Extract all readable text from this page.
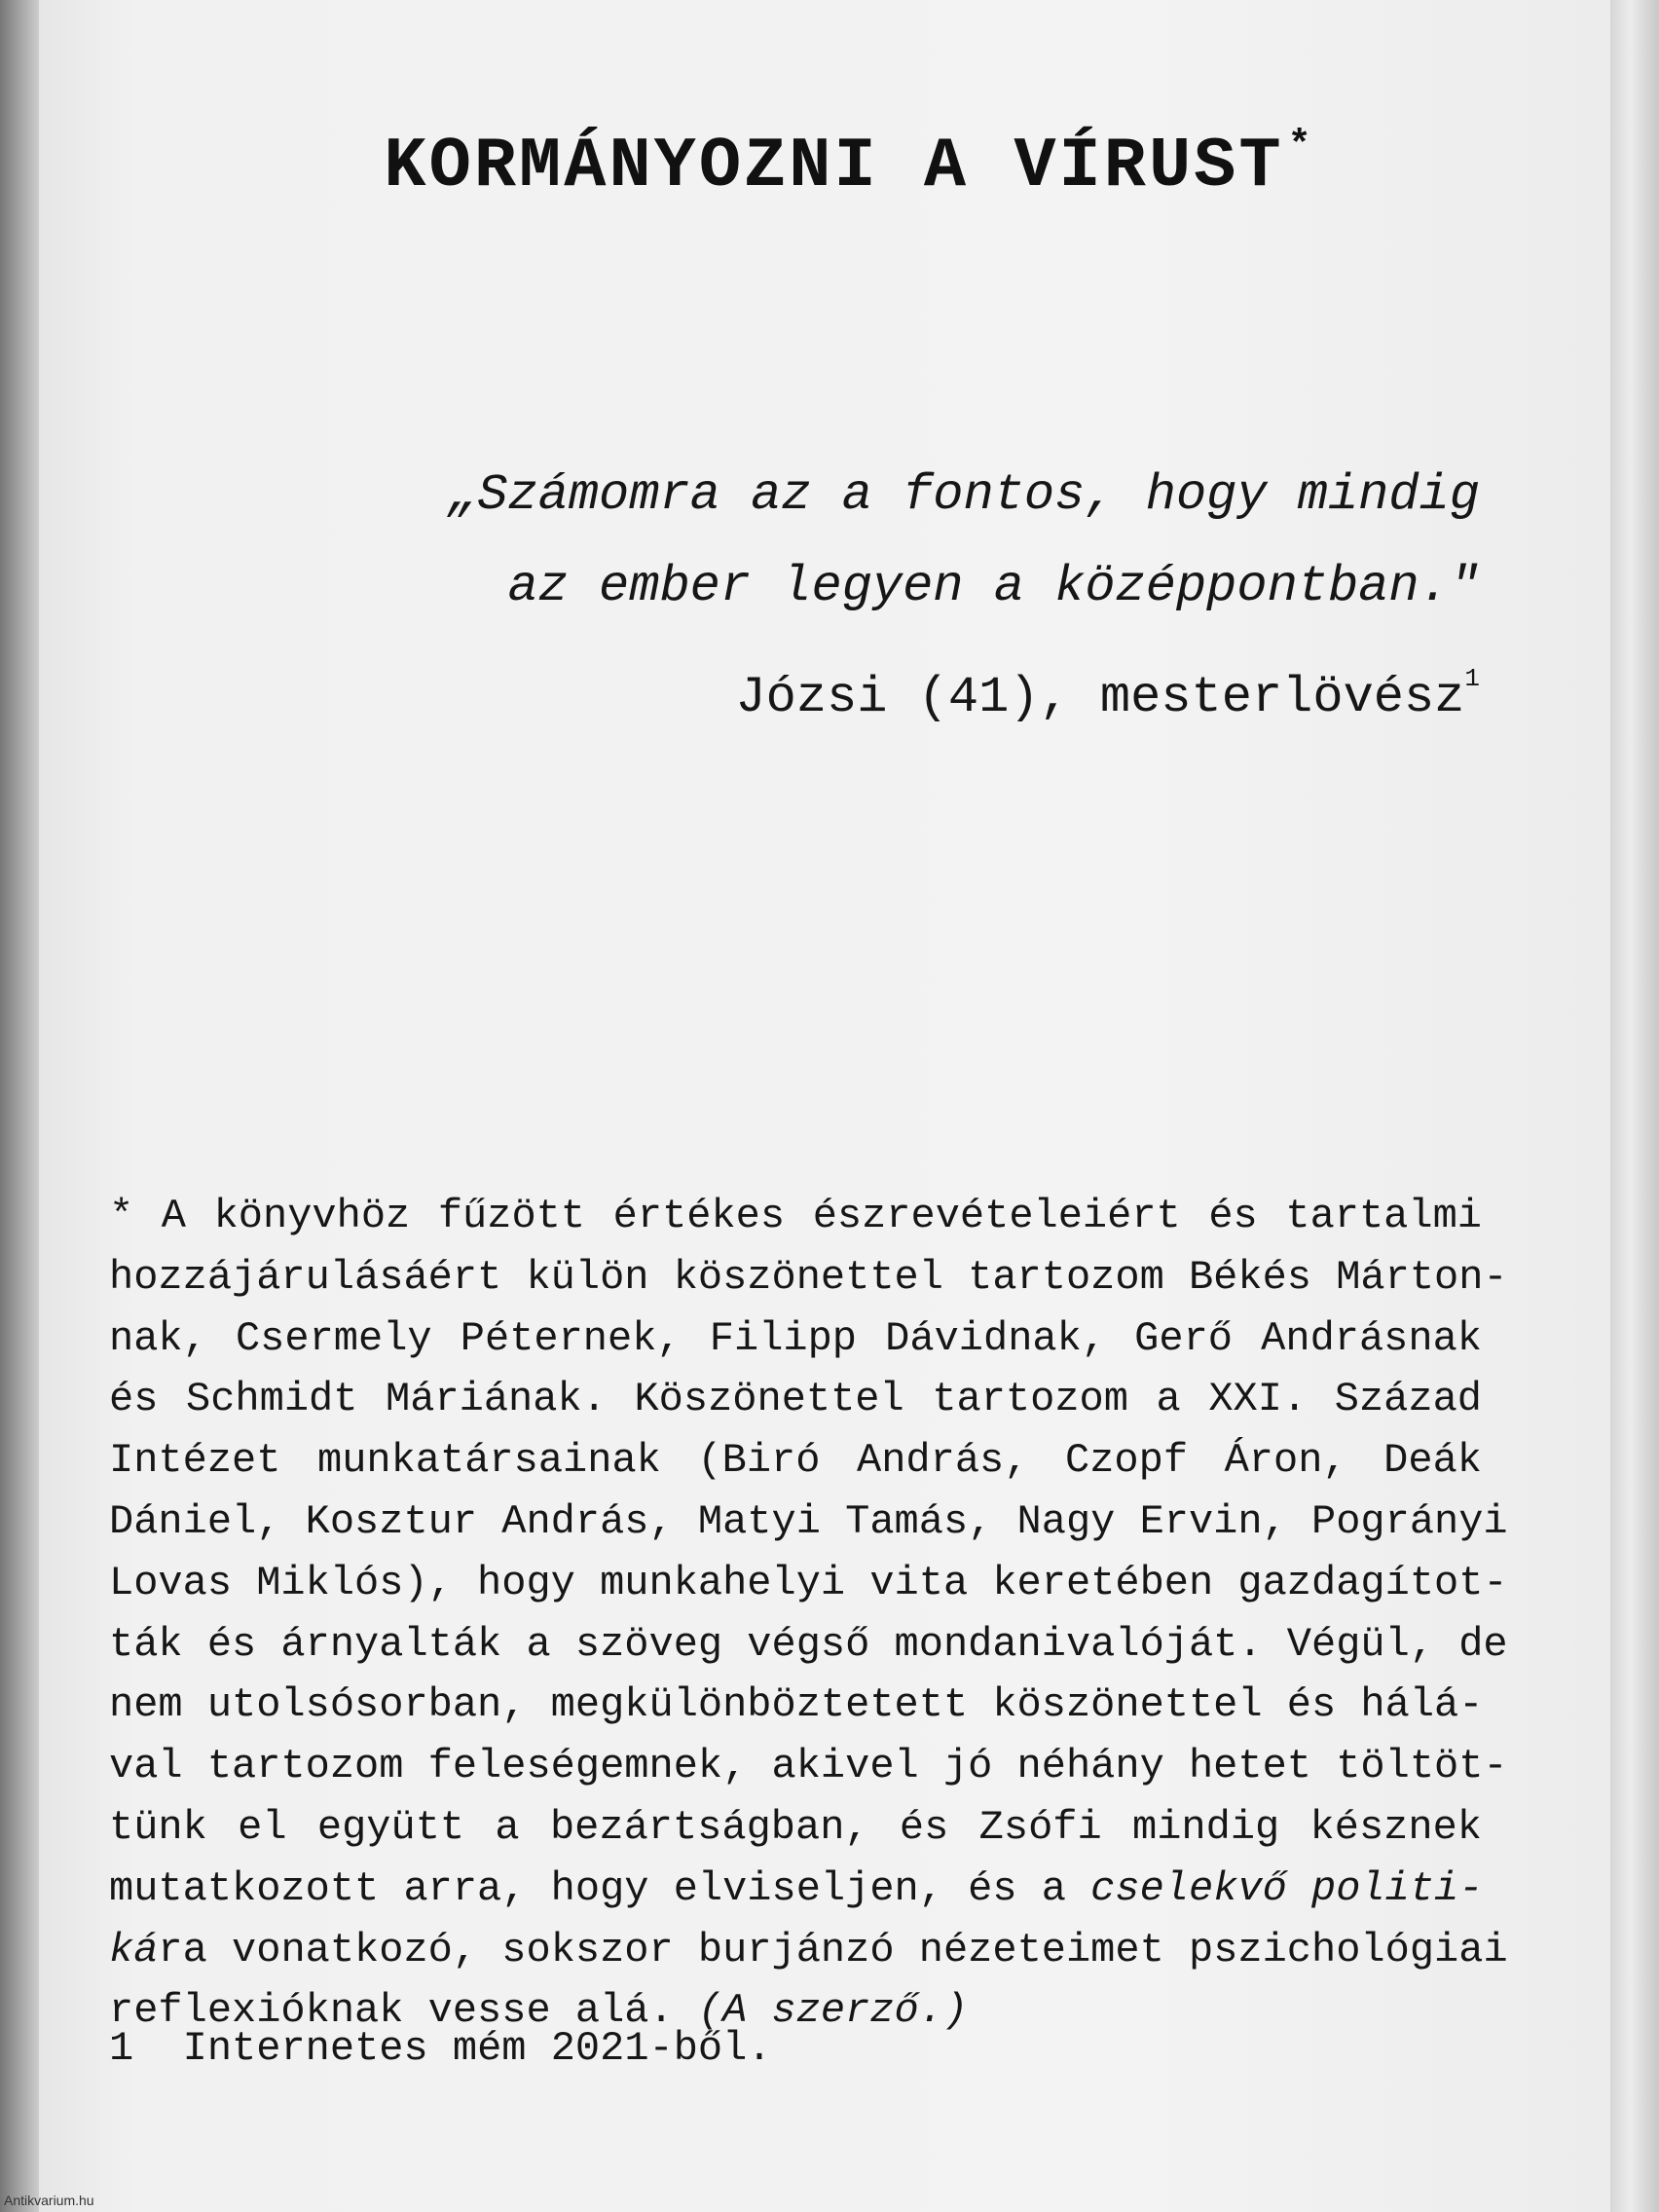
KORMÁNYOZNI A VÍRUST *
„Számomra az a fontos, hogy mindig
az ember legyen a középpontban."
Józsi (41), mesterlövész$^1$
* A könyvhöz fűzött értékes észrevételeiért és tartalmi
hozzájárulásáért külön köszönettel tartozom Békés Márton-
nak, Csermely Péternek, Filipp Dávidnak, Gerő Andrásnak
és Schmidt Máriának. Köszönettel tartozom a XXI. Század
Intézet munkatársainak (Biró András, Czopf Áron, Deák
Dániel, Kosztur András, Matyi Tamás, Nagy Ervin, Pogrányi
Lovas Miklós), hogy munkahelyi vita keretében gazdagítot-
ták és árnyalták a szöveg végső mondanivalóját. Végül, de
nem utolsósorban, megkülönböztetett köszönettel és hálá-
val tartozom feleségemnek, akivel jó néhány hetet töltöt-
tünk el együtt a bezártságban, és Zsófi mindig késznek
mutatkozott arra, hogy elviseljen, és a cselekvő politi-
kára vonatkozó, sokszor burjánzó nézeteimet pszichológiai
reflexióknak vesse alá. (A szerző.)
1 Internetes mém 2021-ből.
Antikvarium.hu
